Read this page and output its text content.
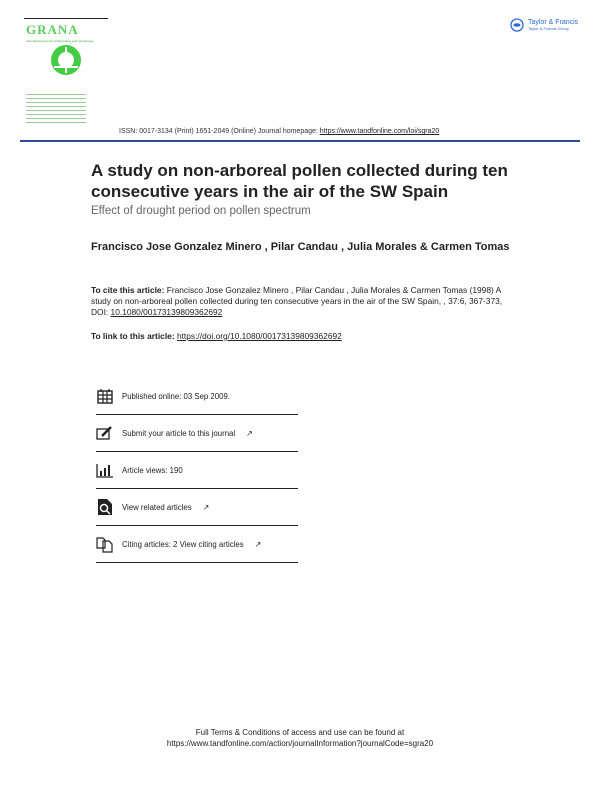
GRANA
International journal of Palynology and Aerobiology
Taylor & Francis
Taylor & Francis Group
ISSN: 0017-3134 (Print) 1651-2049 (Online) Journal homepage: https://www.tandfonline.com/loi/sgra20
A study on non-arboreal pollen collected during ten consecutive years in the air of the SW Spain
Effect of drought period on pollen spectrum
Francisco Jose Gonzalez Minero , Pilar Candau , Julia Morales & Carmen Tomas
To cite this article: Francisco Jose Gonzalez Minero , Pilar Candau , Julia Morales & Carmen Tomas (1998) A study on non-arboreal pollen collected during ten consecutive years in the air of the SW Spain, , 37:6, 367-373, DOI: 10.1080/00173139809362692
To link to this article: https://doi.org/10.1080/00173139809362692
Published online: 03 Sep 2009.
Submit your article to this journal ↗
Article views: 190
View related articles ↗
Citing articles: 2 View citing articles ↗
Full Terms & Conditions of access and use can be found at
https://www.tandfonline.com/action/journalInformation?journalCode=sgra20
